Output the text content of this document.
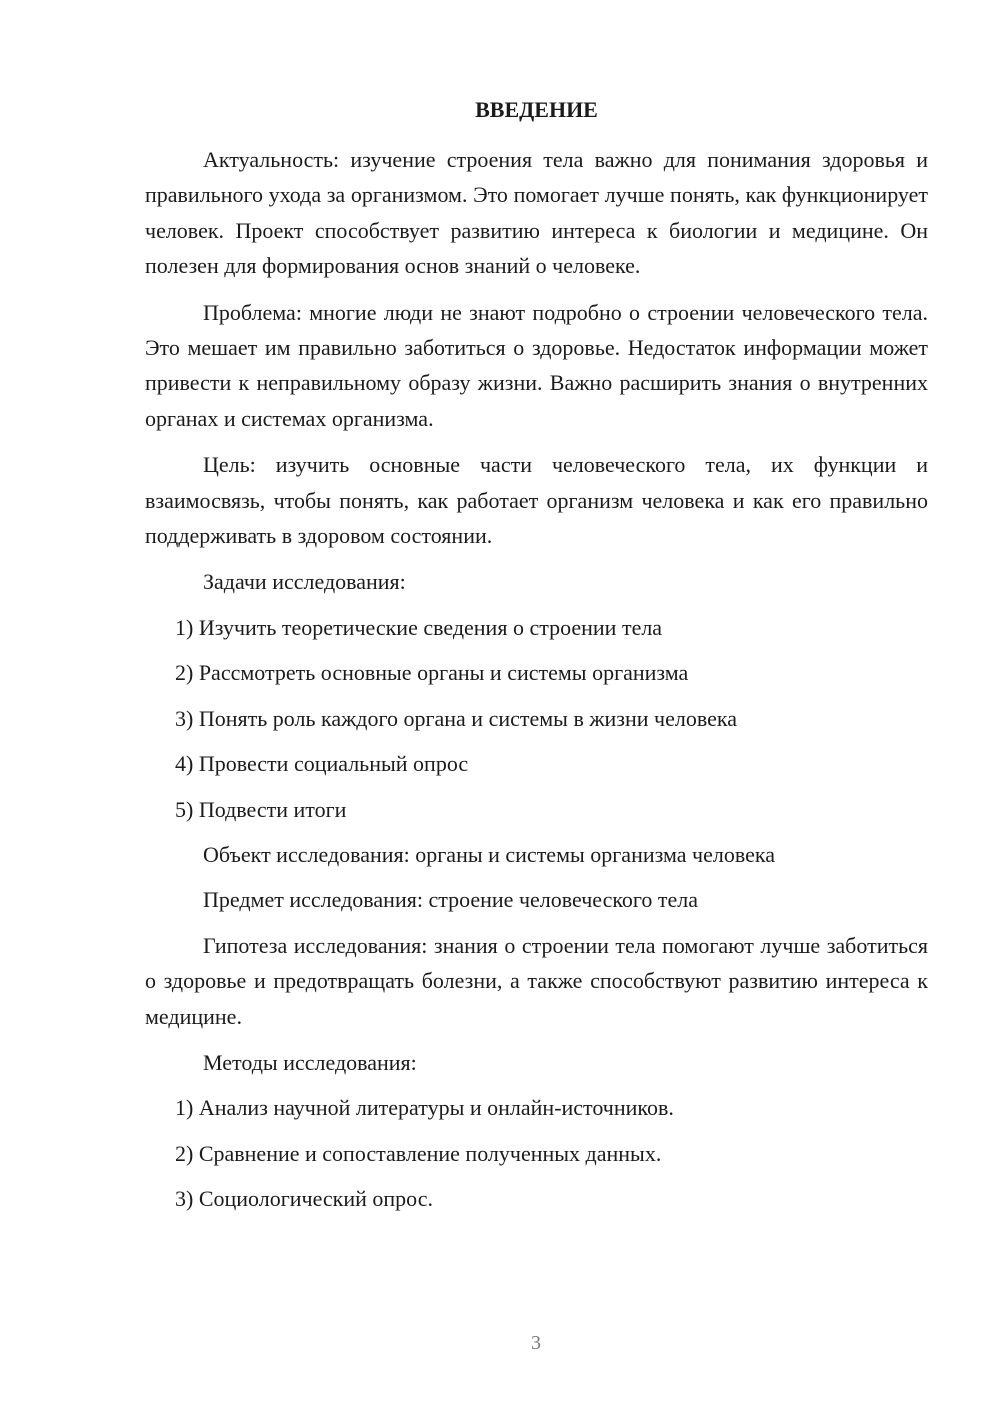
ВВЕДЕНИЕ
Актуальность: изучение строения тела важно для понимания здоровья и правильного ухода за организмом. Это помогает лучше понять, как функционирует человек. Проект способствует развитию интереса к биологии и медицине. Он полезен для формирования основ знаний о человеке.
Проблема: многие люди не знают подробно о строении человеческого тела. Это мешает им правильно заботиться о здоровье. Недостаток информации может привести к неправильному образу жизни. Важно расширить знания о внутренних органах и системах организма.
Цель: изучить основные части человеческого тела, их функции и взаимосвязь, чтобы понять, как работает организм человека и как его правильно поддерживать в здоровом состоянии.
Задачи исследования:
1) Изучить теоретические сведения о строении тела
2) Рассмотреть основные органы и системы организма
3) Понять роль каждого органа и системы в жизни человека
4) Провести социальный опрос
5) Подвести итоги
Объект исследования: органы и системы организма человека
Предмет исследования: строение человеческого тела
Гипотеза исследования: знания о строении тела помогают лучше заботиться о здоровье и предотвращать болезни, а также способствуют развитию интереса к медицине.
Методы исследования:
1) Анализ научной литературы и онлайн-источников.
2) Сравнение и сопоставление полученных данных.
3) Социологический опрос.
3
